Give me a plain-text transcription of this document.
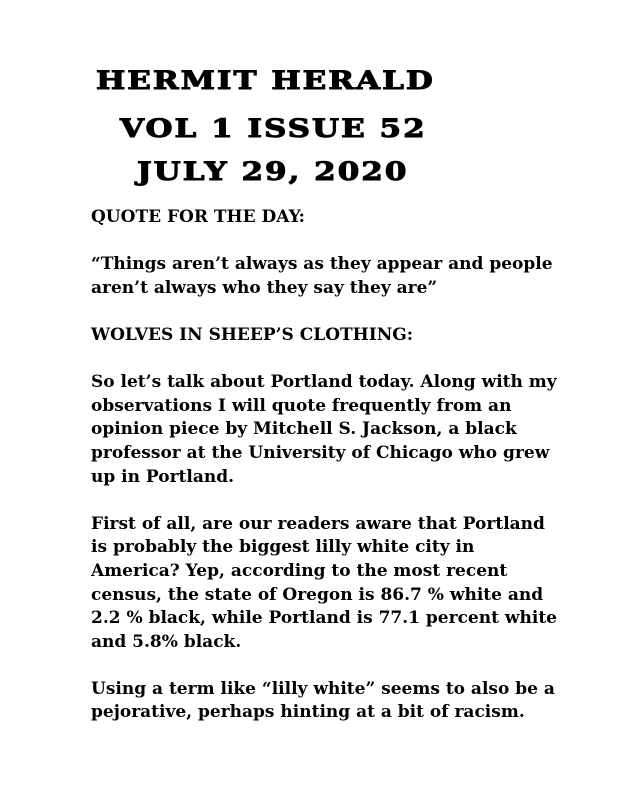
HERMIT HERALD
VOL 1 ISSUE 52
JULY 29, 2020

QUOTE FOR THE DAY:

“Things aren’t always as they appear and people aren’t always who they say they are”

WOLVES IN SHEEP’S CLOTHING:

So let’s talk about Portland today. Along with my observations I will quote frequently from an opinion piece by Mitchell S. Jackson, a black professor at the University of Chicago who grew up in Portland.

First of all, are our readers aware that Portland is probably the biggest lilly white city in America? Yep, according to the most recent census, the state of Oregon is 86.7 % white and 2.2 % black, while Portland is 77.1 percent white and 5.8% black.

Using a term like “lilly white” seems to also be a pejorative, perhaps hinting at a bit of racism.
